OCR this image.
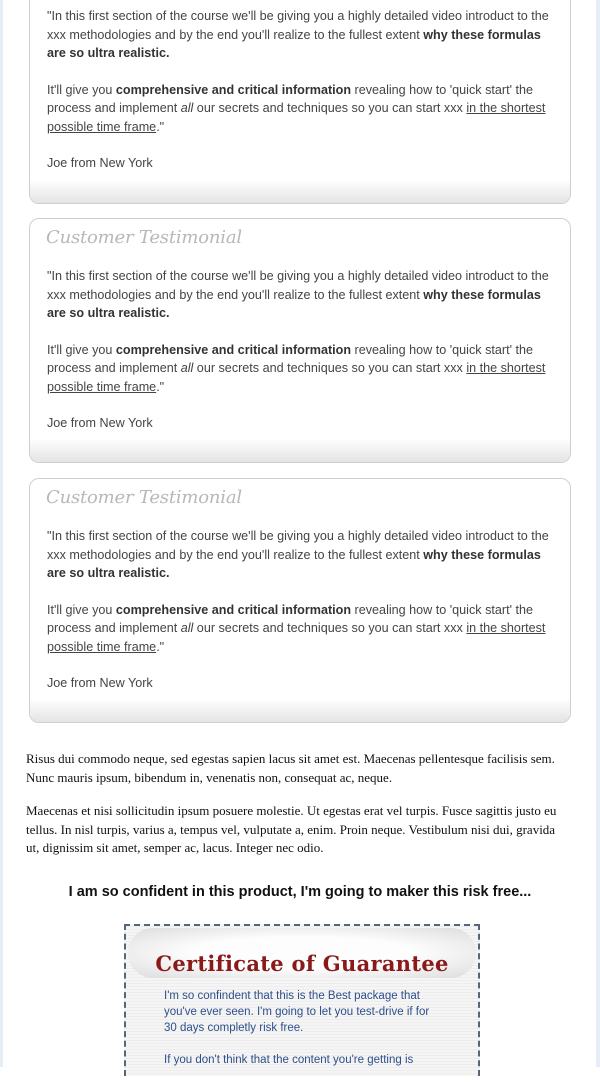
"In this first section of the course we'll be giving you a highly detailed video introduct to the xxx methodologies and by the end you'll realize to the fullest extent why these formulas are so ultra realistic.

It'll give you comprehensive and critical information revealing how to 'quick start' the process and implement all our secrets and techniques so you can start xxx in the shortest possible time frame."

Joe from New York

Customer Testimonial

"In this first section of the course we'll be giving you a highly detailed video introduct to the xxx methodologies and by the end you'll realize to the fullest extent why these formulas are so ultra realistic.

It'll give you comprehensive and critical information revealing how to 'quick start' the process and implement all our secrets and techniques so you can start xxx in the shortest possible time frame."

Joe from New York

Customer Testimonial

"In this first section of the course we'll be giving you a highly detailed video introduct to the xxx methodologies and by the end you'll realize to the fullest extent why these formulas are so ultra realistic.

It'll give you comprehensive and critical information revealing how to 'quick start' the process and implement all our secrets and techniques so you can start xxx in the shortest possible time frame."

Joe from New York

Risus dui commodo neque, sed egestas sapien lacus sit amet est. Maecenas pellentesque facilisis sem. Nunc mauris ipsum, bibendum in, venenatis non, consequat ac, neque.

Maecenas et nisi sollicitudin ipsum posuere molestie. Ut egestas erat vel turpis. Fusce sagittis justo eu tellus. In nisl turpis, varius a, tempus vel, vulputate a, enim. Proin neque. Vestibulum nisi dui, gravida ut, dignissim sit amet, semper ac, lacus. Integer nec odio.

I am so confident in this product, I'm going to maker this risk free...

Certificate of Guarantee

I'm so confindent that this is the Best package that you've ever seen. I'm going to let you test-drive if for 30 days completly risk free.

If you don't think that the content you're getting is
